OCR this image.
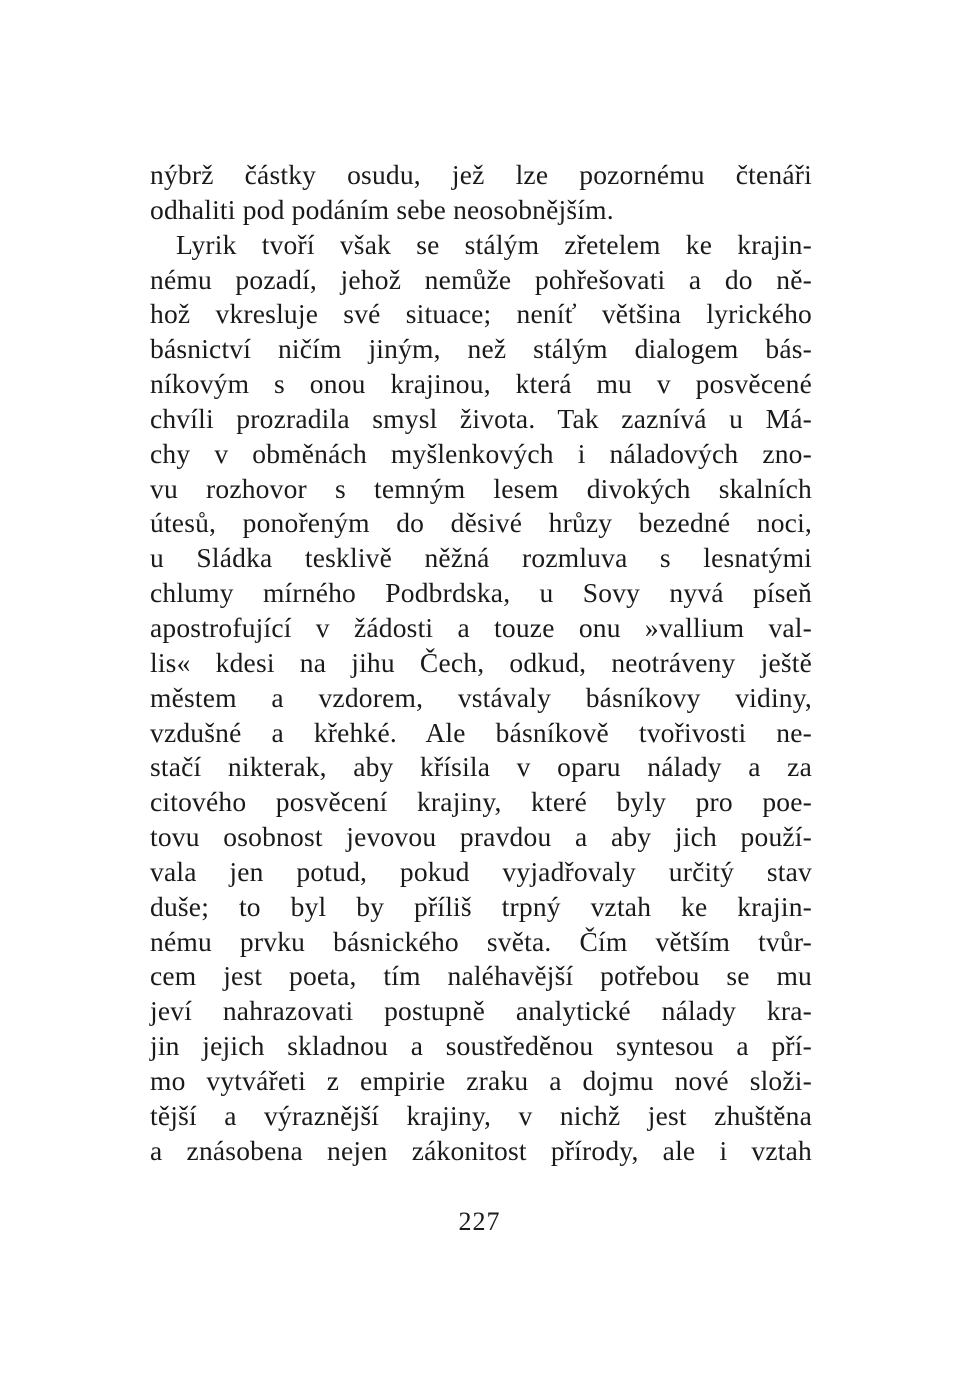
nýbrž částky osudu, jež lze pozornému čtenáři
odhaliti pod podáním sebe neosobnějším.
Lyrik tvoří však se stálým zřetelem ke krajin-
nému pozadí, jehož nemůže pohřešovati a do ně-
hož vkresluje své situace; neníť většina lyrického
básnictví ničím jiným, než stálým dialogem bás-
níkovým s onou krajinou, která mu v posvěcené
chvíli prozradila smysl života. Tak zaznívá u Má-
chy v obměnách myšlenkových i náladových zno-
vu rozhovor s temným lesem divokých skalních
útesů, ponořeným do děsivé hrůzy bezedné noci,
u Sládka tesklivě něžná rozmluva s lesnatými
chlumy mírného Podbrdska, u Sovy nyvá píseň
apostrofující v žádosti a touze onu »vallium val-
lis« kdesi na jihu Čech, odkud, neotráveny ještě
městem a vzdorem, vstávaly básníkovy vidiny,
vzdušné a křehké. Ale básníkově tvořivosti ne-
stačí nikterak, aby křísila v oparu nálady a za
citového posvěcení krajiny, které byly pro poe-
tovu osobnost jevovou pravdou a aby jich použí-
vala jen potud, pokud vyjadřovaly určitý stav
duše; to byl by příliš trpný vztah ke krajin-
nému prvku básnického světa. Čím větším tvůr-
cem jest poeta, tím naléhavější potřebou se mu
jeví nahrazovati postupně analytické nálady kra-
jin jejich skladnou a soustředěnou syntesou a pří-
mo vytvářeti z empirie zraku a dojmu nové složi-
tější a výraznější krajiny, v nichž jest zhuštěna
a znásobena nejen zákonitost přírody, ale i vztah
227
